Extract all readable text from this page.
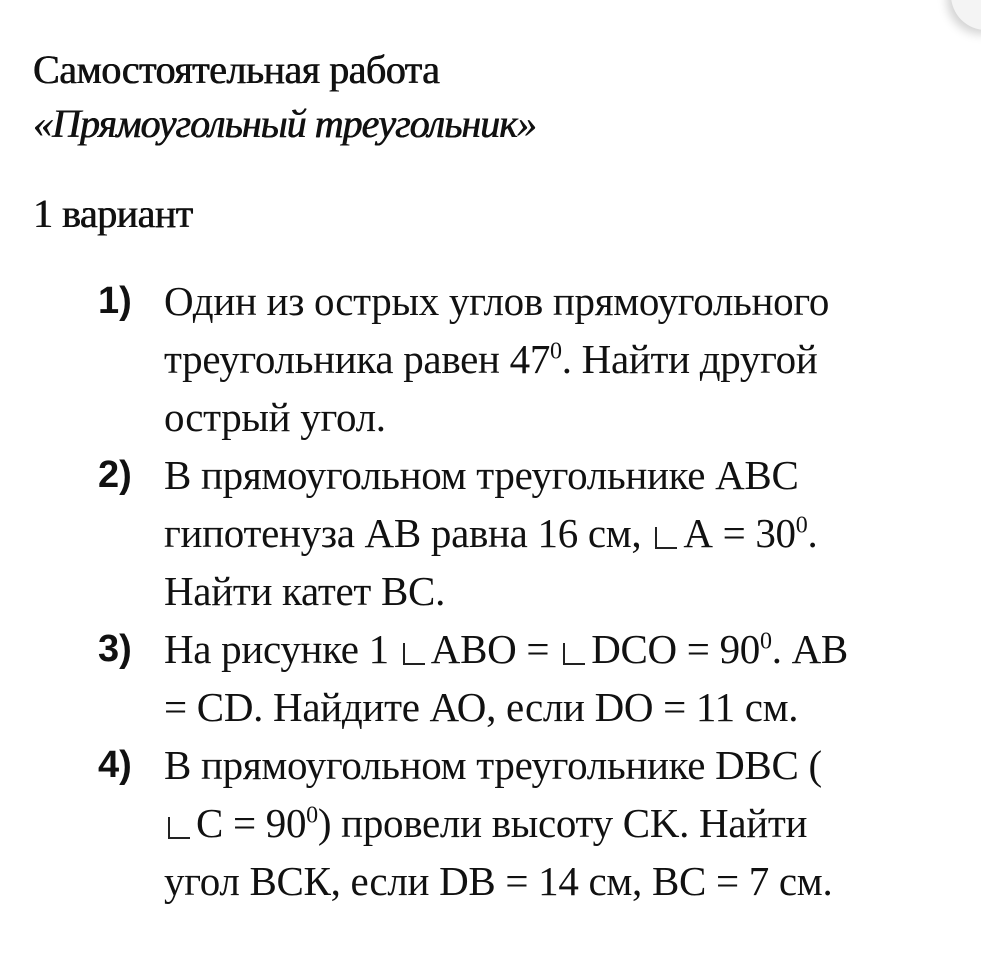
Самостоятельная работа
«Прямоугольный треугольник»
1 вариант
1) Один из острых углов прямоугольного
треугольника равен $47^0$. Найти другой
острый угол.
2) В прямоугольном треугольнике АВС
гипотенуза АВ равна 16 см, $А = 30^0$.
Найти катет ВС.
3) На рисунке 1 АВО = DCO = $90^0$. АВ
= CD. Найдите АО, если DO = 11 см.
4) В прямоугольном треугольнике DBC (
$C = 90^0$) провели высоту CK. Найти
угол ВСК, если DB = 14 см, ВС = 7 см.
